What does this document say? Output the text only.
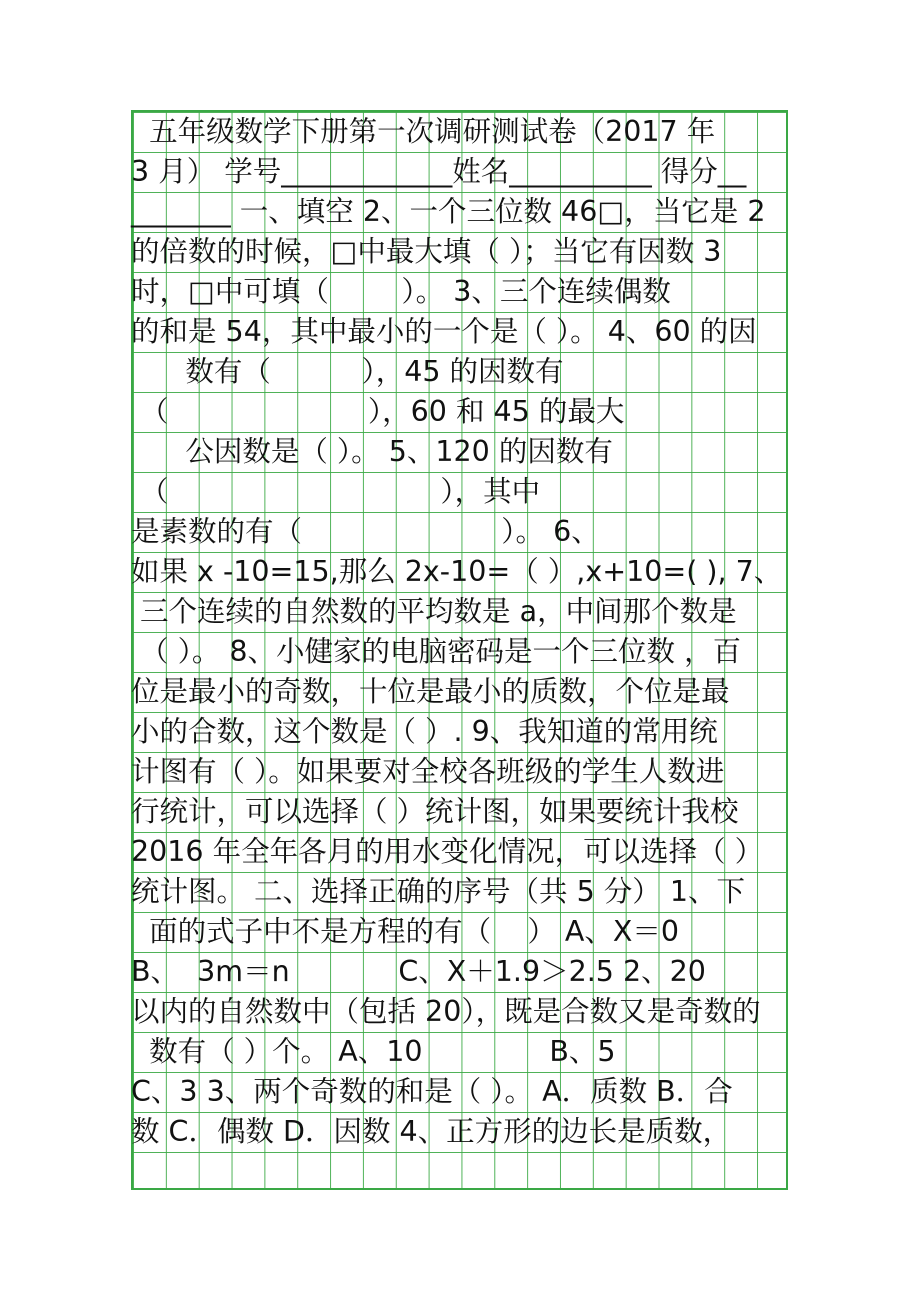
五年级数学下册第一次调研测试卷（2017 年
3 月） 学号____________姓名__________ 得分__
_______ 一、填空 2、一个三位数 46□，当它是 2
的倍数的时候，□中最大填（ ）；当它有因数 3
时，□中可填（        ）。 3、三个连续偶数
的和是 54，其中最小的一个是（ ）。 4、60 的因
数有（          ），45 的因数有
（                      ），60 和 45 的最大
公因数是（ ）。 5、120 的因数有
（                              ），其中
是素数的有（                      ）。 6、
如果 x -10=15,那么 2x-10=（ ）,x+10=( ), 7、
三个连续的自然数的平均数是 a，中间那个数是
（ ）。 8、小健家的电脑密码是一个三位数 ，百
位是最小的奇数，十位是最小的质数，个位是最
小的合数，这个数是（ ）. 9、我知道的常用统
计图有（ ）。如果要对全校各班级的学生人数进
行统计，可以选择（ ）统计图，如果要统计我校
2016 年全年各月的用水变化情况，可以选择（ ）
统计图。 二、选择正确的序号（共 5 分） 1、下
面的式子中不是方程的有（    ） A、X＝0
B、  3m＝n            C、X＋1.9＞2.5 2、20
以内的自然数中（包括 20），既是合数又是奇数的
数有（ ）个。 A、10              B、5
C、3 3、两个奇数的和是（ ）。 A．质数 B．合
数 C．偶数 D．因数 4、正方形的边长是质数，
